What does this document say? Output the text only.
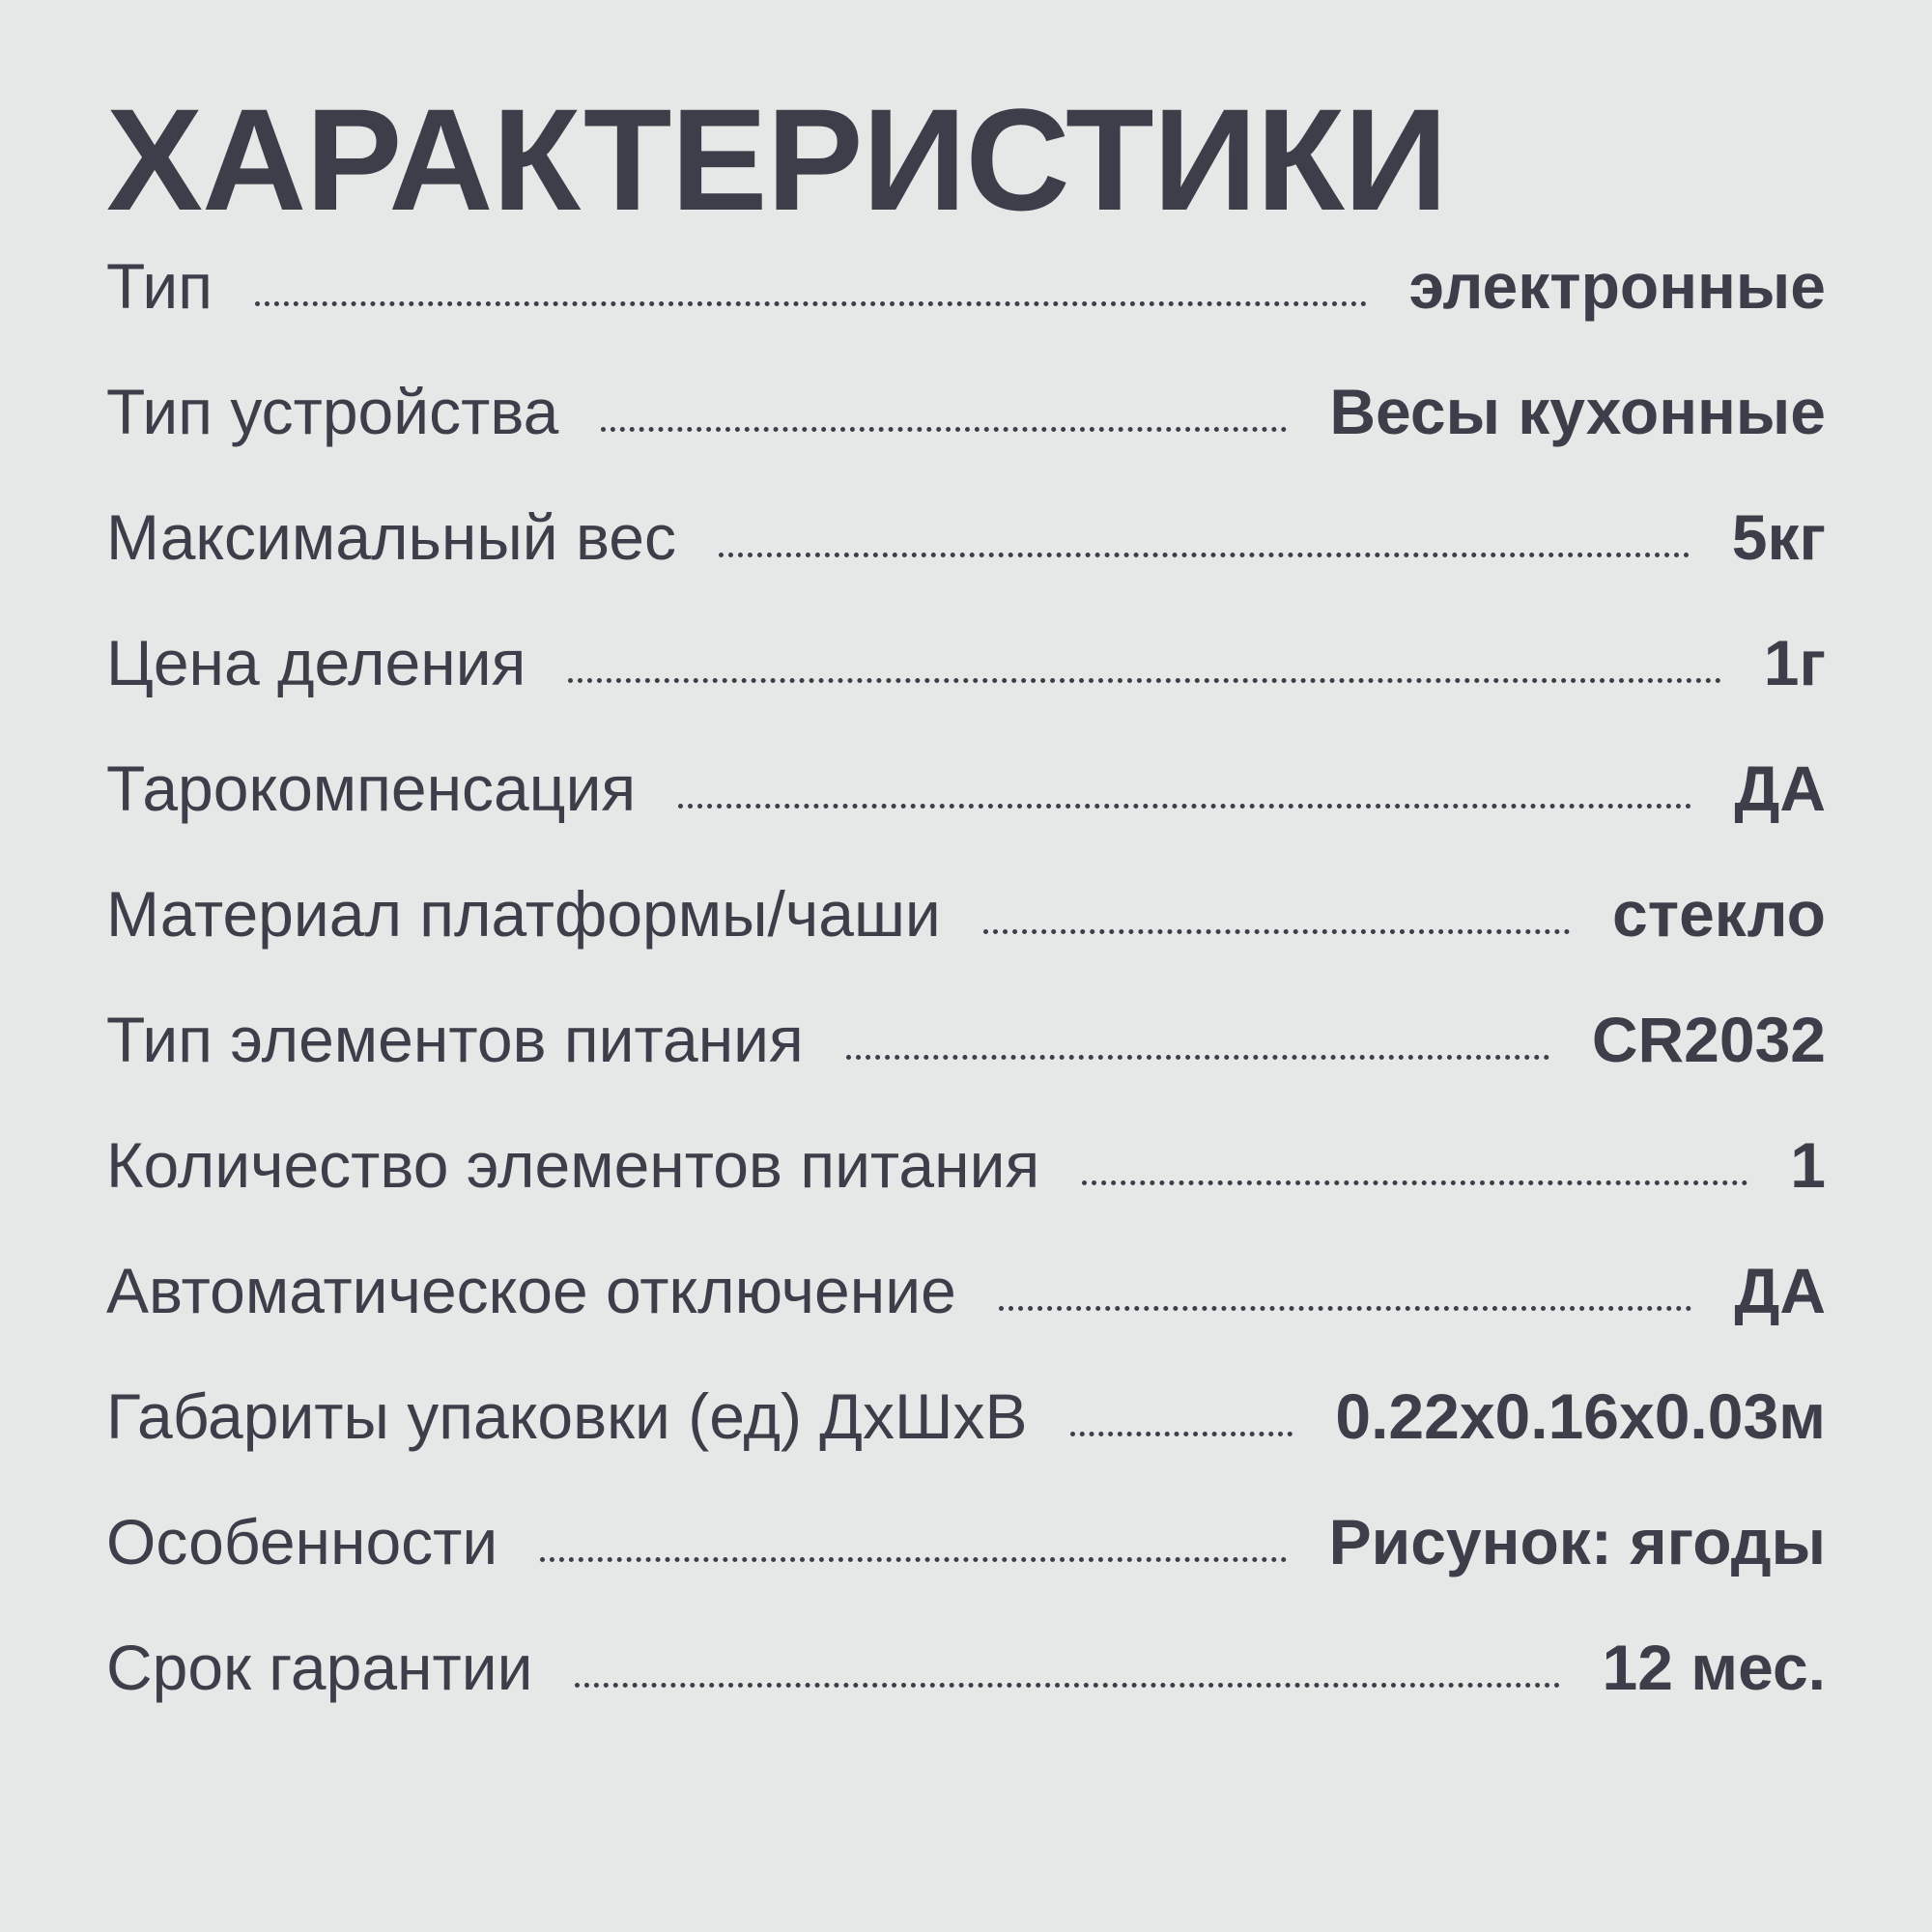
ХАРАКТЕРИСТИКИ
Тип	электронные
Тип устройства	Весы кухонные
Максимальный вес	5кг
Цена деления	1г
Тарокомпенсация	ДА
Материал платформы/чаши	стекло
Тип элементов питания	CR2032
Количество элементов питания	1
Автоматическое отключение	ДА
Габариты упаковки (ед) ДxШxВ	0.22x0.16x0.03м
Особенности	Рисунок: ягоды
Срок гарантии	12 мес.
